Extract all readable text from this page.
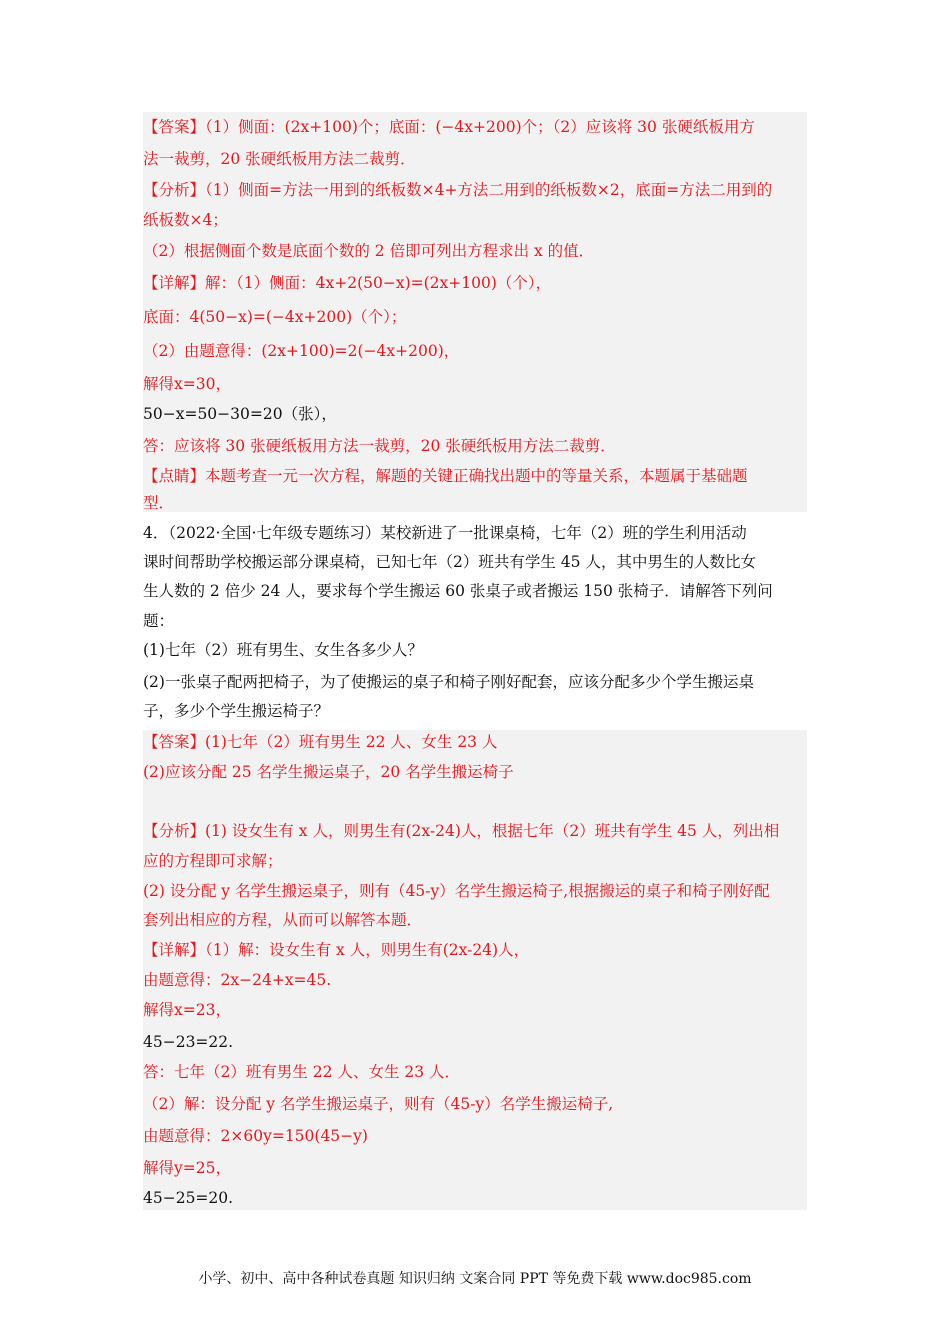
【答案】（1）侧面：(2x+100)个；底面：(−4x+200)个；（2）应该将 30 张硬纸板用方
法一裁剪，20 张硬纸板用方法二裁剪．
【分析】（1）侧面=方法一用到的纸板数×4+方法二用到的纸板数×2，底面=方法二用到的
纸板数×4；
（2）根据侧面个数是底面个数的 2 倍即可列出方程求出 x 的值．
【详解】解：（1）侧面：4x+2(50−x)=(2x+100)（个），
底面：4(50−x)=(−4x+200)（个）；
（2）由题意得：(2x+100)=2(−4x+200)，
解得x=30，
50−x=50−30=20（张），
答：应该将 30 张硬纸板用方法一裁剪，20 张硬纸板用方法二裁剪．
【点睛】本题考查一元一次方程，解题的关键正确找出题中的等量关系，本题属于基础题
型．
4．（2022·全国·七年级专题练习）某校新进了一批课桌椅，七年（2）班的学生利用活动
课时间帮助学校搬运部分课桌椅，已知七年（2）班共有学生 45 人，其中男生的人数比女
生人数的 2 倍少 24 人，要求每个学生搬运 60 张桌子或者搬运 150 张椅子．请解答下列问
题：
(1)七年（2）班有男生、女生各多少人？
(2)一张桌子配两把椅子，为了使搬运的桌子和椅子刚好配套，应该分配多少个学生搬运桌
子，多少个学生搬运椅子？
【答案】(1)七年（2）班有男生 22 人、女生 23 人
(2)应该分配 25 名学生搬运桌子，20 名学生搬运椅子
【分析】(1) 设女生有 x 人，则男生有(2x-24)人，根据七年（2）班共有学生 45 人，列出相
应的方程即可求解；
(2) 设分配 y 名学生搬运桌子，则有（45-y）名学生搬运椅子,根据搬运的桌子和椅子刚好配
套列出相应的方程，从而可以解答本题．
【详解】（1）解：设女生有 x 人，则男生有(2x-24)人，
由题意得：2x−24+x=45.
解得x=23，
45−23=22.
答：七年（2）班有男生 22 人、女生 23 人．
（2）解：设分配 y 名学生搬运桌子，则有（45-y）名学生搬运椅子,
由题意得：2×60y=150(45−y)
解得y=25，
45−25=20.
小学、初中、高中各种试卷真题 知识归纳 文案合同 PPT 等免费下载 www.doc985.com
